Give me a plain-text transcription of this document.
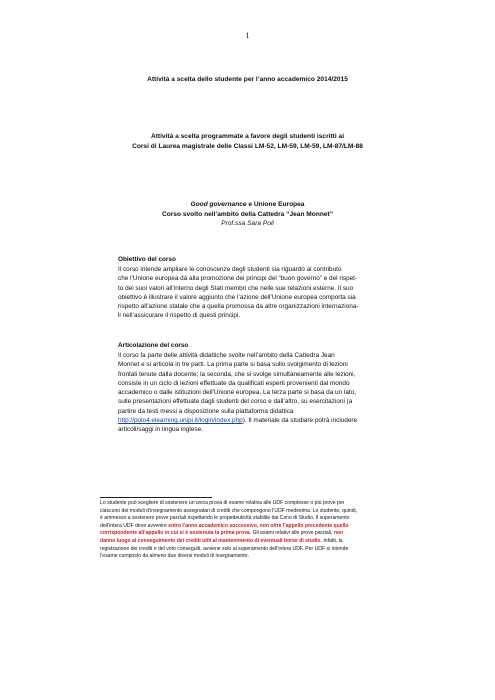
1
Attività a scelta dello studente per l’anno accademico 2014/2015
Attività a scelta programmate a favore degli studenti iscritti ai
Corsi di Laurea magistrale delle Classi LM-52, LM-59, LM-59, LM-87/LM-88
Good governance e Unione Europea
Corso svolto nell’ambito della Cattedra “Jean Monnet”
Prof.ssa Sara Poli
Obiettivo del corso
Il corso intende ampliare le conoscenze degli studenti sia riguardo al contributo
che l’Unione europea dà alla promozione dei principi del “buon governo” e del rispet-
to dei suoi valori all’interno degli Stati membri che nelle sue relazioni esterne. Il suo
obiettivo è illustrare il valore aggiunto che l’azione dell’Unione europea comporta sia
rispetto all’azione statale che a quella promossa da altre organizzazioni internaziona-
li nell’assicurare il rispetto di questi principi.
Articolazione del corso
Il corso fa parte delle attività didattiche svolte nell’ambito della Cattedra Jean
Monnet e si articola in tre parti. La prima parte si basa sullo svolgimento di lezioni
frontali tenute dalla docente; la seconda, che si svolge simultaneamente alle lezioni,
consiste in un ciclo di lezioni effettuate da qualificati esperti provenienti dal mondo
accademico o dalle istituzioni dell’Unione europea. La terza parte si basa da un lato,
sulle presentazioni effettuate dagli studenti del corso e dall’altro, su esercitazioni (a
partire da testi messi a disposizione sulla piattaforma didattica
http://polo4.elearning.unipi.it/login/index.php). Il materiale da studiare potrà includere
articoli/saggi in lingua inglese.
Lo studente può scegliere di sostenere un’unica prova di esame relativa alle UDF complesse o più prove per
ciascuno dei moduli d’insegnamento assegnatari di crediti che compongono l’UDF medesima. Lo studente, quindi,
è ammesso a sostenere prove parziali rispettando le propedeuticità stabilite dai Corsi di Studio. Il superamento
dell’intera UDF deve avvenire entro l’anno accademico successivo, non oltre l’appello precedente quello
corrispondente all’appello in cui si è sostenuta la prima prova. Gli esami relativi alle prove parziali, non
danno luogo al conseguimento dei crediti utili al mantenimento di eventuali borse di studio. Infatti, la
registrazione dei crediti e del voto conseguiti, avviene solo al superamento dell’intera UDF. Per UDF si intende
l’esame composto da almeno due diversi moduli di insegnamento.
